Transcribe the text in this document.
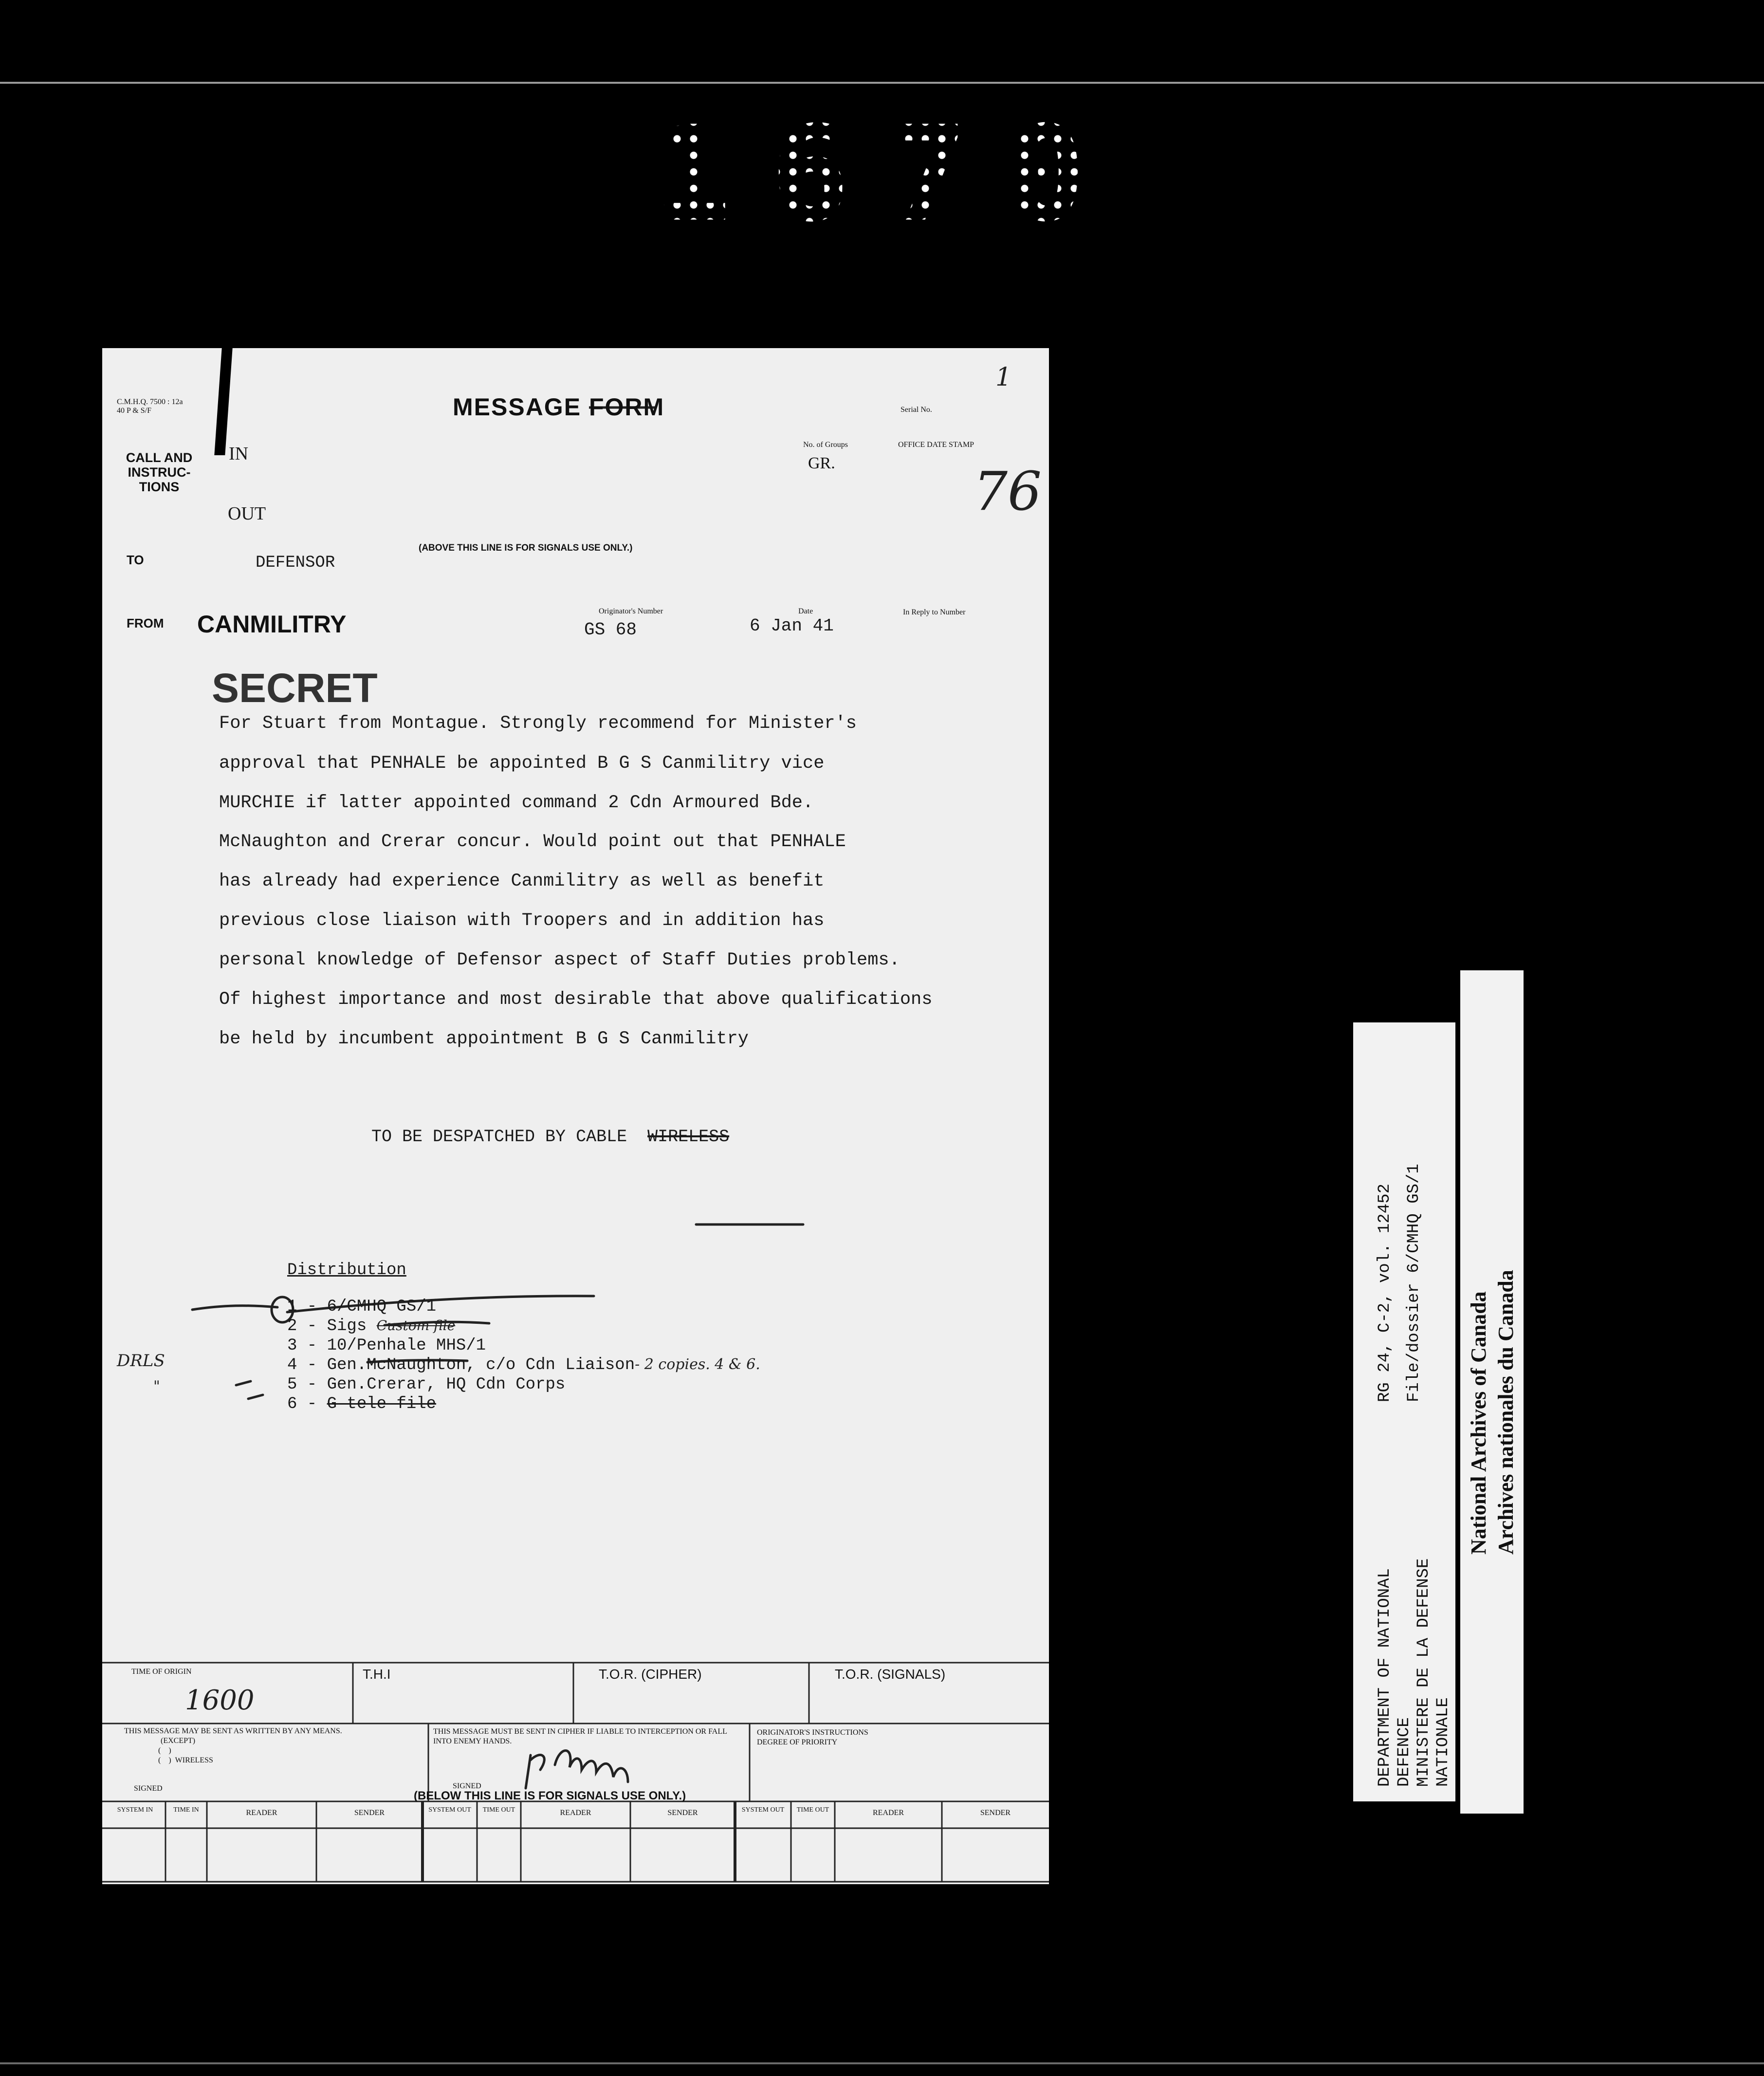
1670
C.M.H.Q. 7500 : 12a
40 P & S/F	MESSAGE FORM	Serial No.
1
CALL AND INSTRUC-TIONS
IN
OUT
No. of Groups
GR.
OFFICE DATE STAMP
76
(ABOVE THIS LINE IS FOR SIGNALS USE ONLY.)
TO	DEFENSOR
FROM CANMILITRY	Originator's Number
GS 68
Date
6 Jan 41
In Reply to Number
SECRET
For Stuart from Montague. Strongly recommend for Minister's
approval that PENHALE be appointed B G S Canmilitry vice
MURCHIE if latter appointed command 2 Cdn Armoured Bde.
McNaughton and Crerar concur. Would point out that PENHALE
has already had experience Canmilitry as well as benefit
previous close liaison with Troopers and in addition has
personal knowledge of Defensor aspect of Staff Duties problems.
Of highest importance and most desirable that above qualifications
be held by incumbent appointment B G S Canmilitry
TO BE DESPATCHED BY CABLE WIRELESS
Distribution
1 - 6/CMHQ GS/1
2 - Sigs Custom file
3 - 10/Penhale MHS/1
4 - Gen.McNaughton, c/o Cdn Liaison- 2 copies. 4 & 6.
5 - Gen.Crerar, HQ Cdn Corps
6 - G tele file
DRLS
"
TIME OF ORIGIN
1600
T.H.I	T.O.R. (CIPHER)	T.O.R. (SIGNALS)
THIS MESSAGE MAY BE SENT AS WRITTEN BY ANY MEANS.
(EXCEPT)
(    )
(    )  WIRELESS
SIGNED
THIS MESSAGE MUST BE SENT IN CIPHER IF LIABLE TO INTERCEPTION OR FALL INTO ENEMY HANDS.
SIGNED
ORIGINATOR'S INSTRUCTIONS
DEGREE OF PRIORITY
(BELOW THIS LINE IS FOR SIGNALS USE ONLY.)
SYSTEM IN	TIME IN	READER	SENDER	SYSTEM OUT	TIME OUT	READER	SENDER	SYSTEM OUT	TIME OUT	READER	SENDER
DEPARTMENT OF NATIONAL
DEFENCE
MINISTERE DE LA DEFENSE
NATIONALE
RG 24, C-2, vol. 12452 File/dossier 6/CMHQ GS/1
National Archives of Canada Archives nationales du Canada
